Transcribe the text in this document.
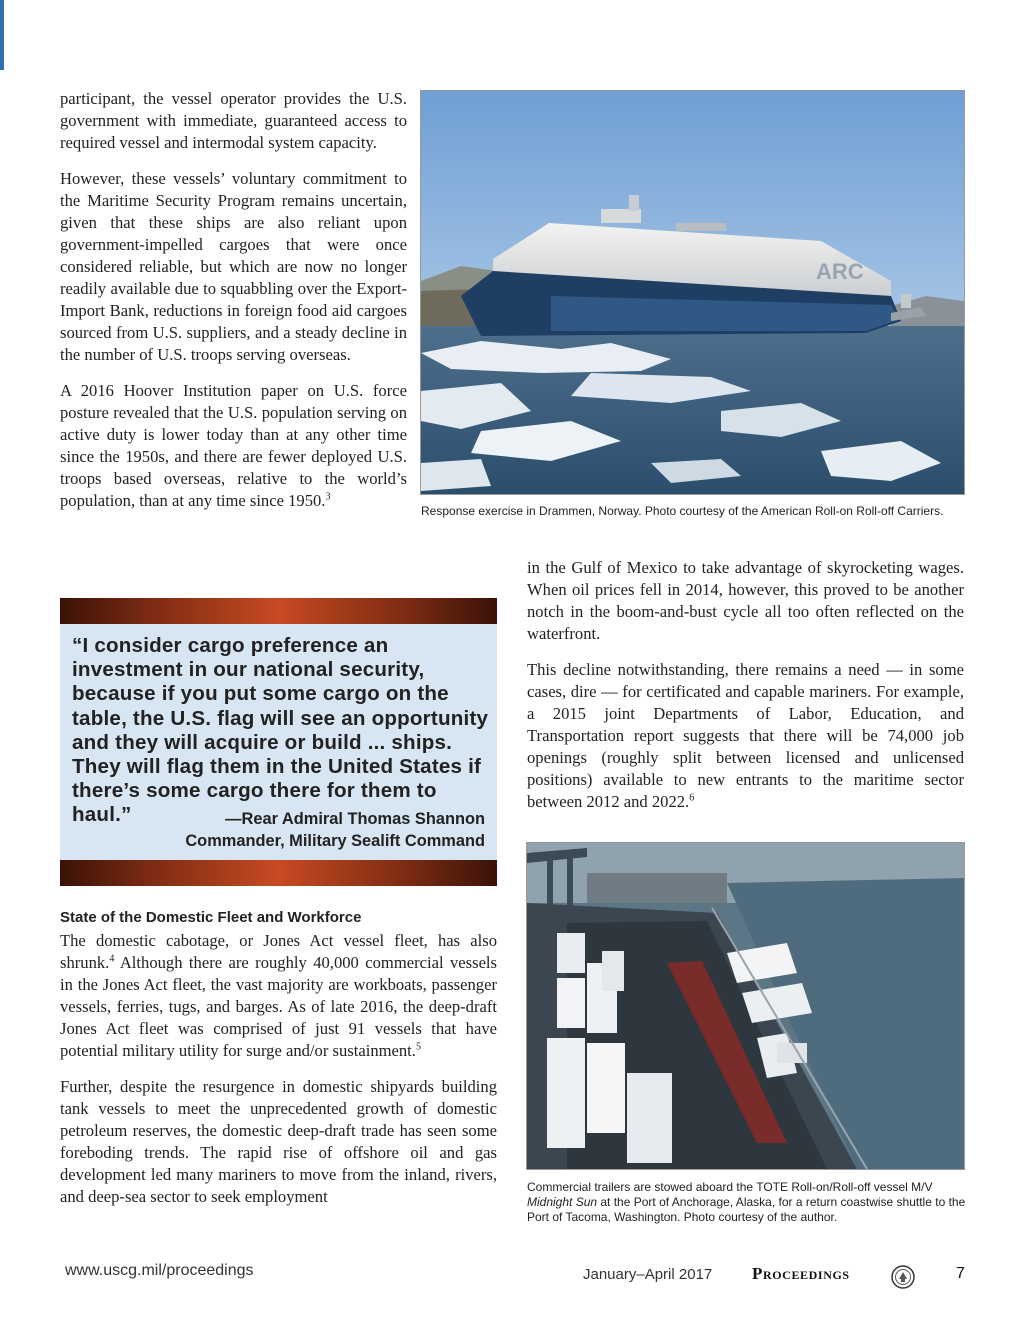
participant, the vessel operator provides the U.S. government with immediate, guaranteed access to required vessel and intermodal system capacity.

However, these vessels’ voluntary commitment to the Maritime Security Program remains uncertain, given that these ships are also reliant upon government-impelled cargoes that were once considered reliable, but which are now no longer readily available due to squabbling over the Export-Import Bank, reductions in foreign food aid cargoes sourced from U.S. suppliers, and a steady decline in the number of U.S. troops serving overseas.

A 2016 Hoover Institution paper on U.S. force posture revealed that the U.S. population serving on active duty is lower today than at any other time since the 1950s, and there are fewer deployed U.S. troops based overseas, relative to the world’s population, than at any time since 1950.$^3$

ARC
Response exercise in Drammen, Norway. Photo courtesy of the American Roll-on Roll-off Carriers.
“I consider cargo preference an investment in our national security, because if you put some cargo on the table, the U.S. flag will see an opportunity and they will acquire or build ... ships. They will flag them in the United States if there’s some cargo there for them to haul.”	—Rear Admiral Thomas Shannon
Commander, Military Sealift Command
State of the Domestic Fleet and Workforce

The domestic cabotage, or Jones Act vessel fleet, has also shrunk.$^4$ Although there are roughly 40,000 commercial vessels in the Jones Act fleet, the vast majority are workboats, passenger vessels, ferries, tugs, and barges. As of late 2016, the deep-draft Jones Act fleet was comprised of just 91 vessels that have potential military utility for surge and/or sustainment.$^5$

Further, despite the resurgence in domestic shipyards building tank vessels to meet the unprecedented growth of domestic petroleum reserves, the domestic deep-draft trade has seen some foreboding trends. The rapid rise of offshore oil and gas development led many mariners to move from the inland, rivers, and deep-sea sector to seek employment

in the Gulf of Mexico to take advantage of skyrocketing wages. When oil prices fell in 2014, however, this proved to be another notch in the boom-and-bust cycle all too often reflected on the waterfront.

This decline notwithstanding, there remains a need — in some cases, dire — for certificated and capable mariners. For example, a 2015 joint Departments of Labor, Education, and Transportation report suggests that there will be 74,000 job openings (roughly split between licensed and unlicensed positions) available to new entrants to the maritime sector between 2012 and 2022.$^6$

Commercial trailers are stowed aboard the TOTE Roll-on/Roll-off vessel M/V Midnight Sun at the Port of Anchorage, Alaska, for a return coastwise shuttle to the Port of Tacoma, Washington. Photo courtesy of the author.
www.uscg.mil/proceedings	January–April 2017 Proceedings	7
